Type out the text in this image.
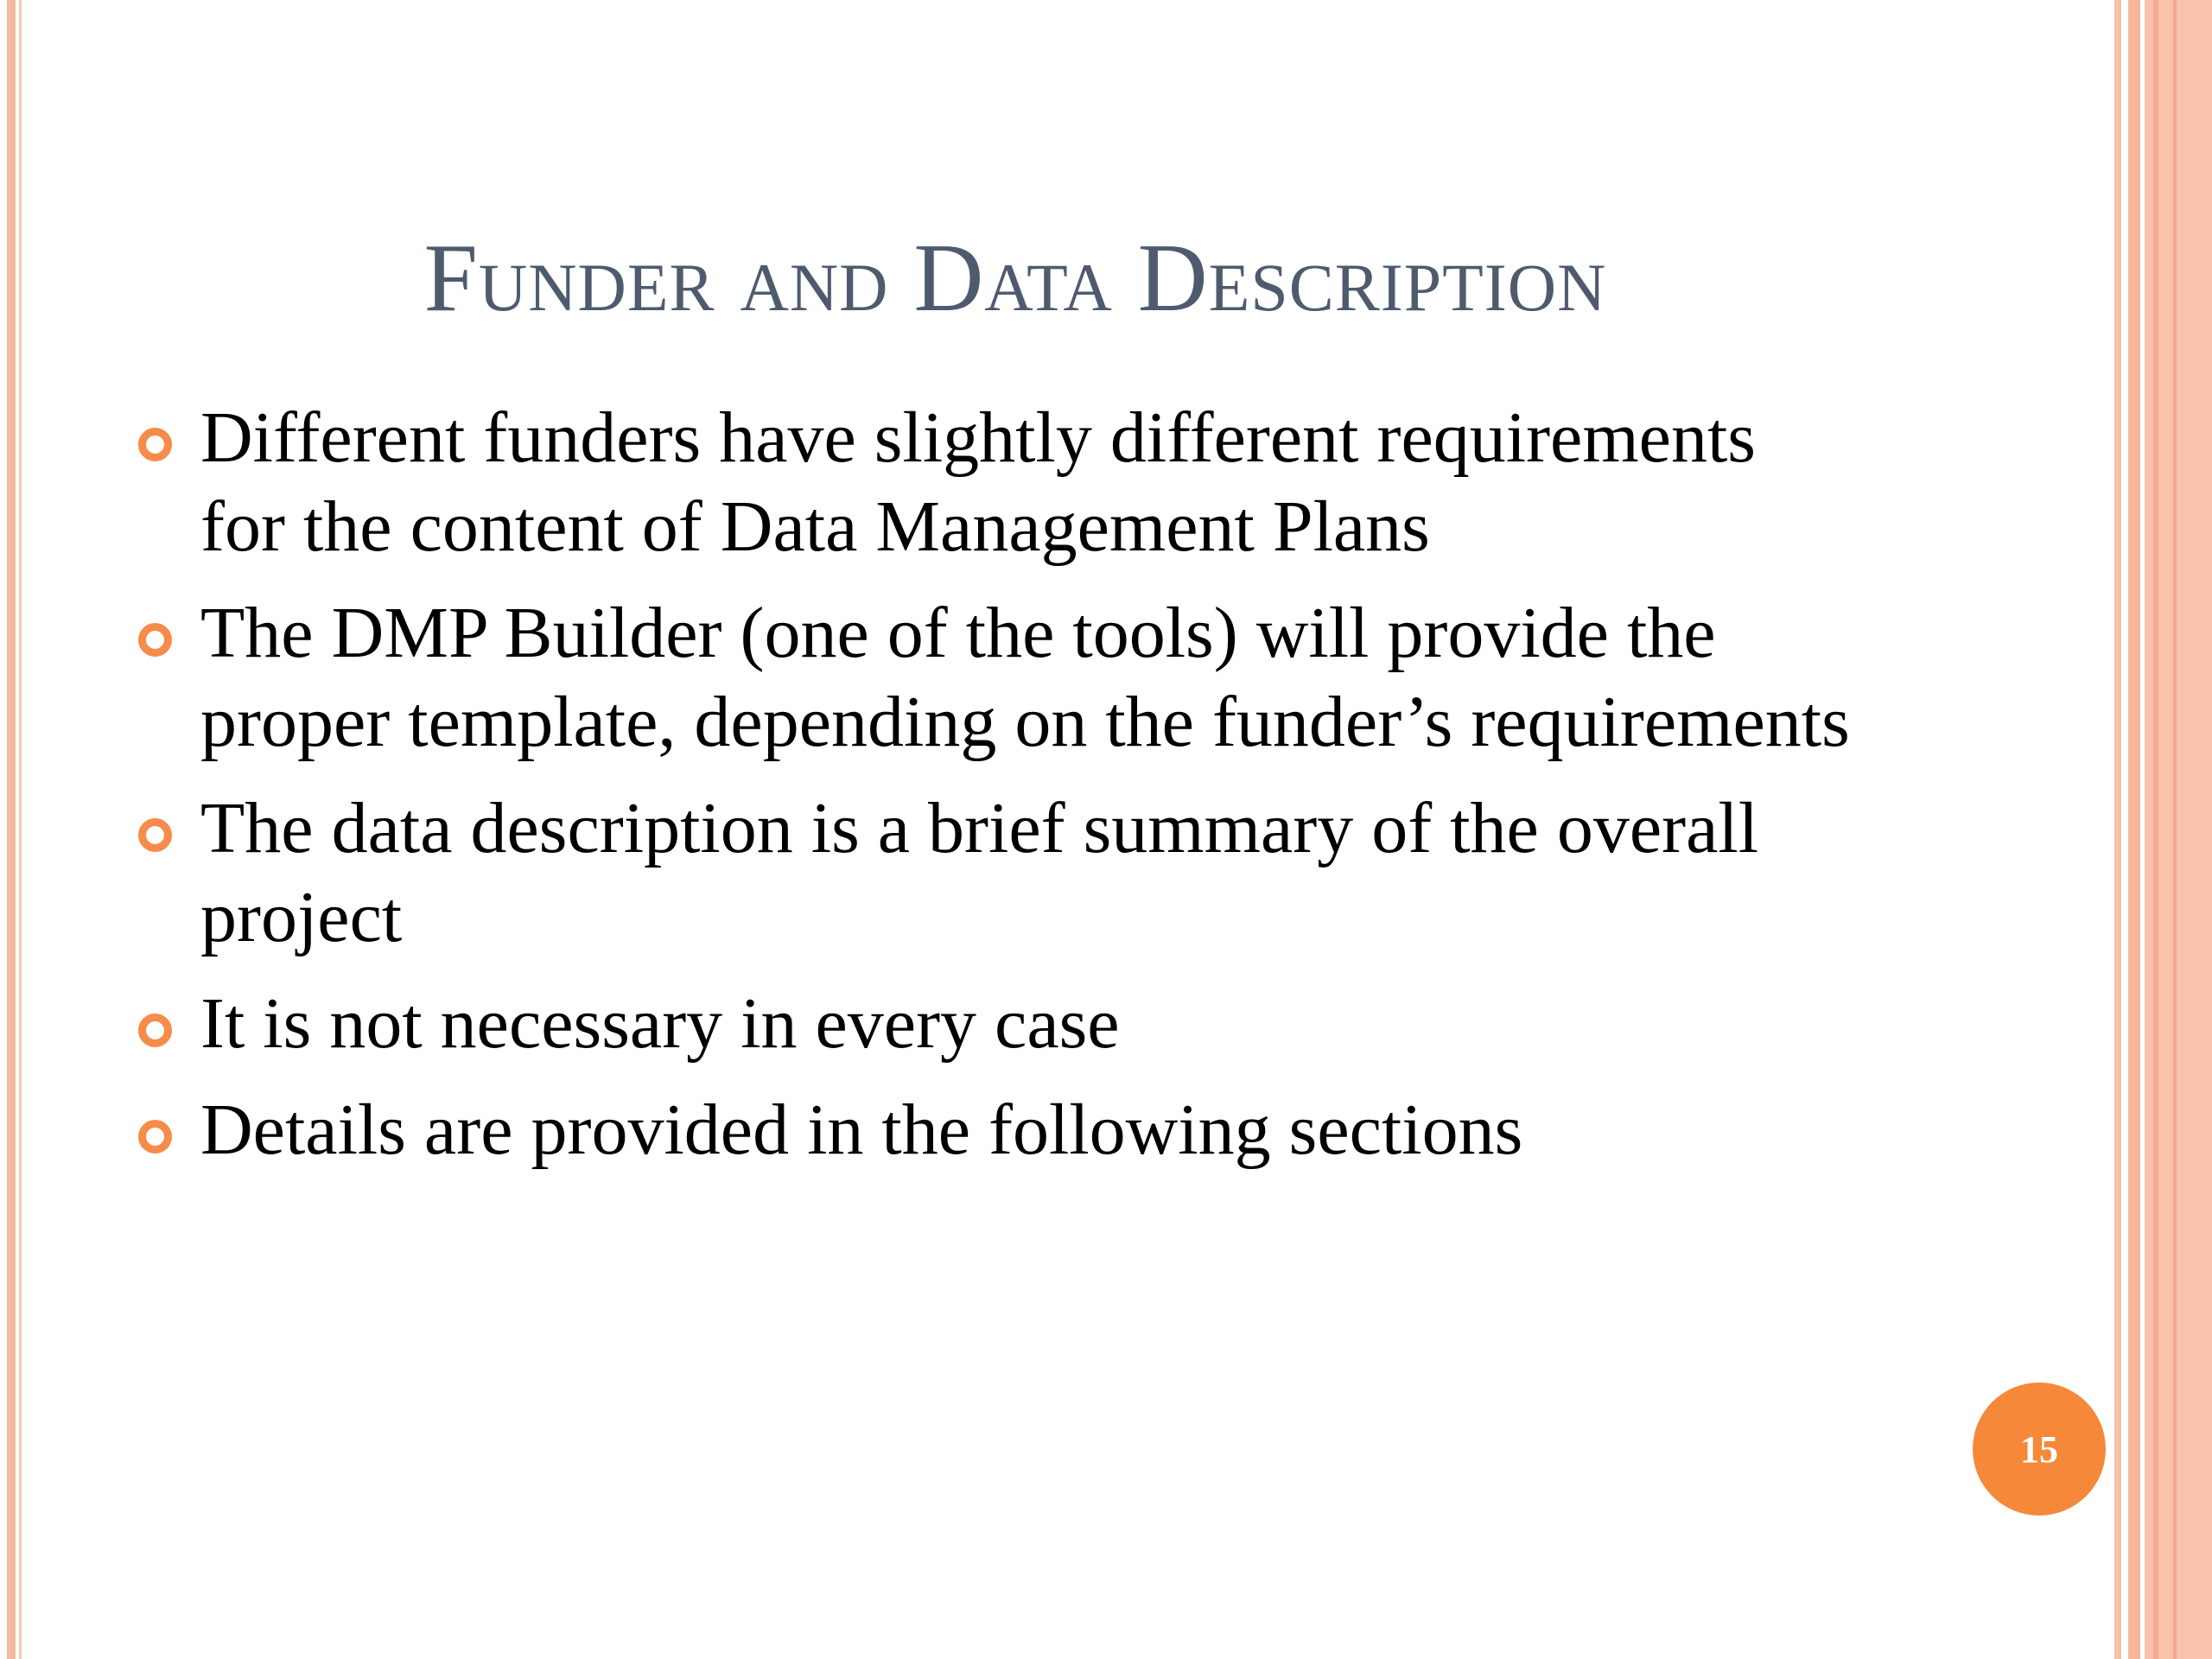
Funder and Data Description
Different funders have slightly different requirements for the content of Data Management Plans
The DMP Builder (one of the tools) will provide the proper template, depending on the funder’s requirements
The data description is a brief summary of the overall project
It is not necessary in every case
Details are provided in the following sections
15
